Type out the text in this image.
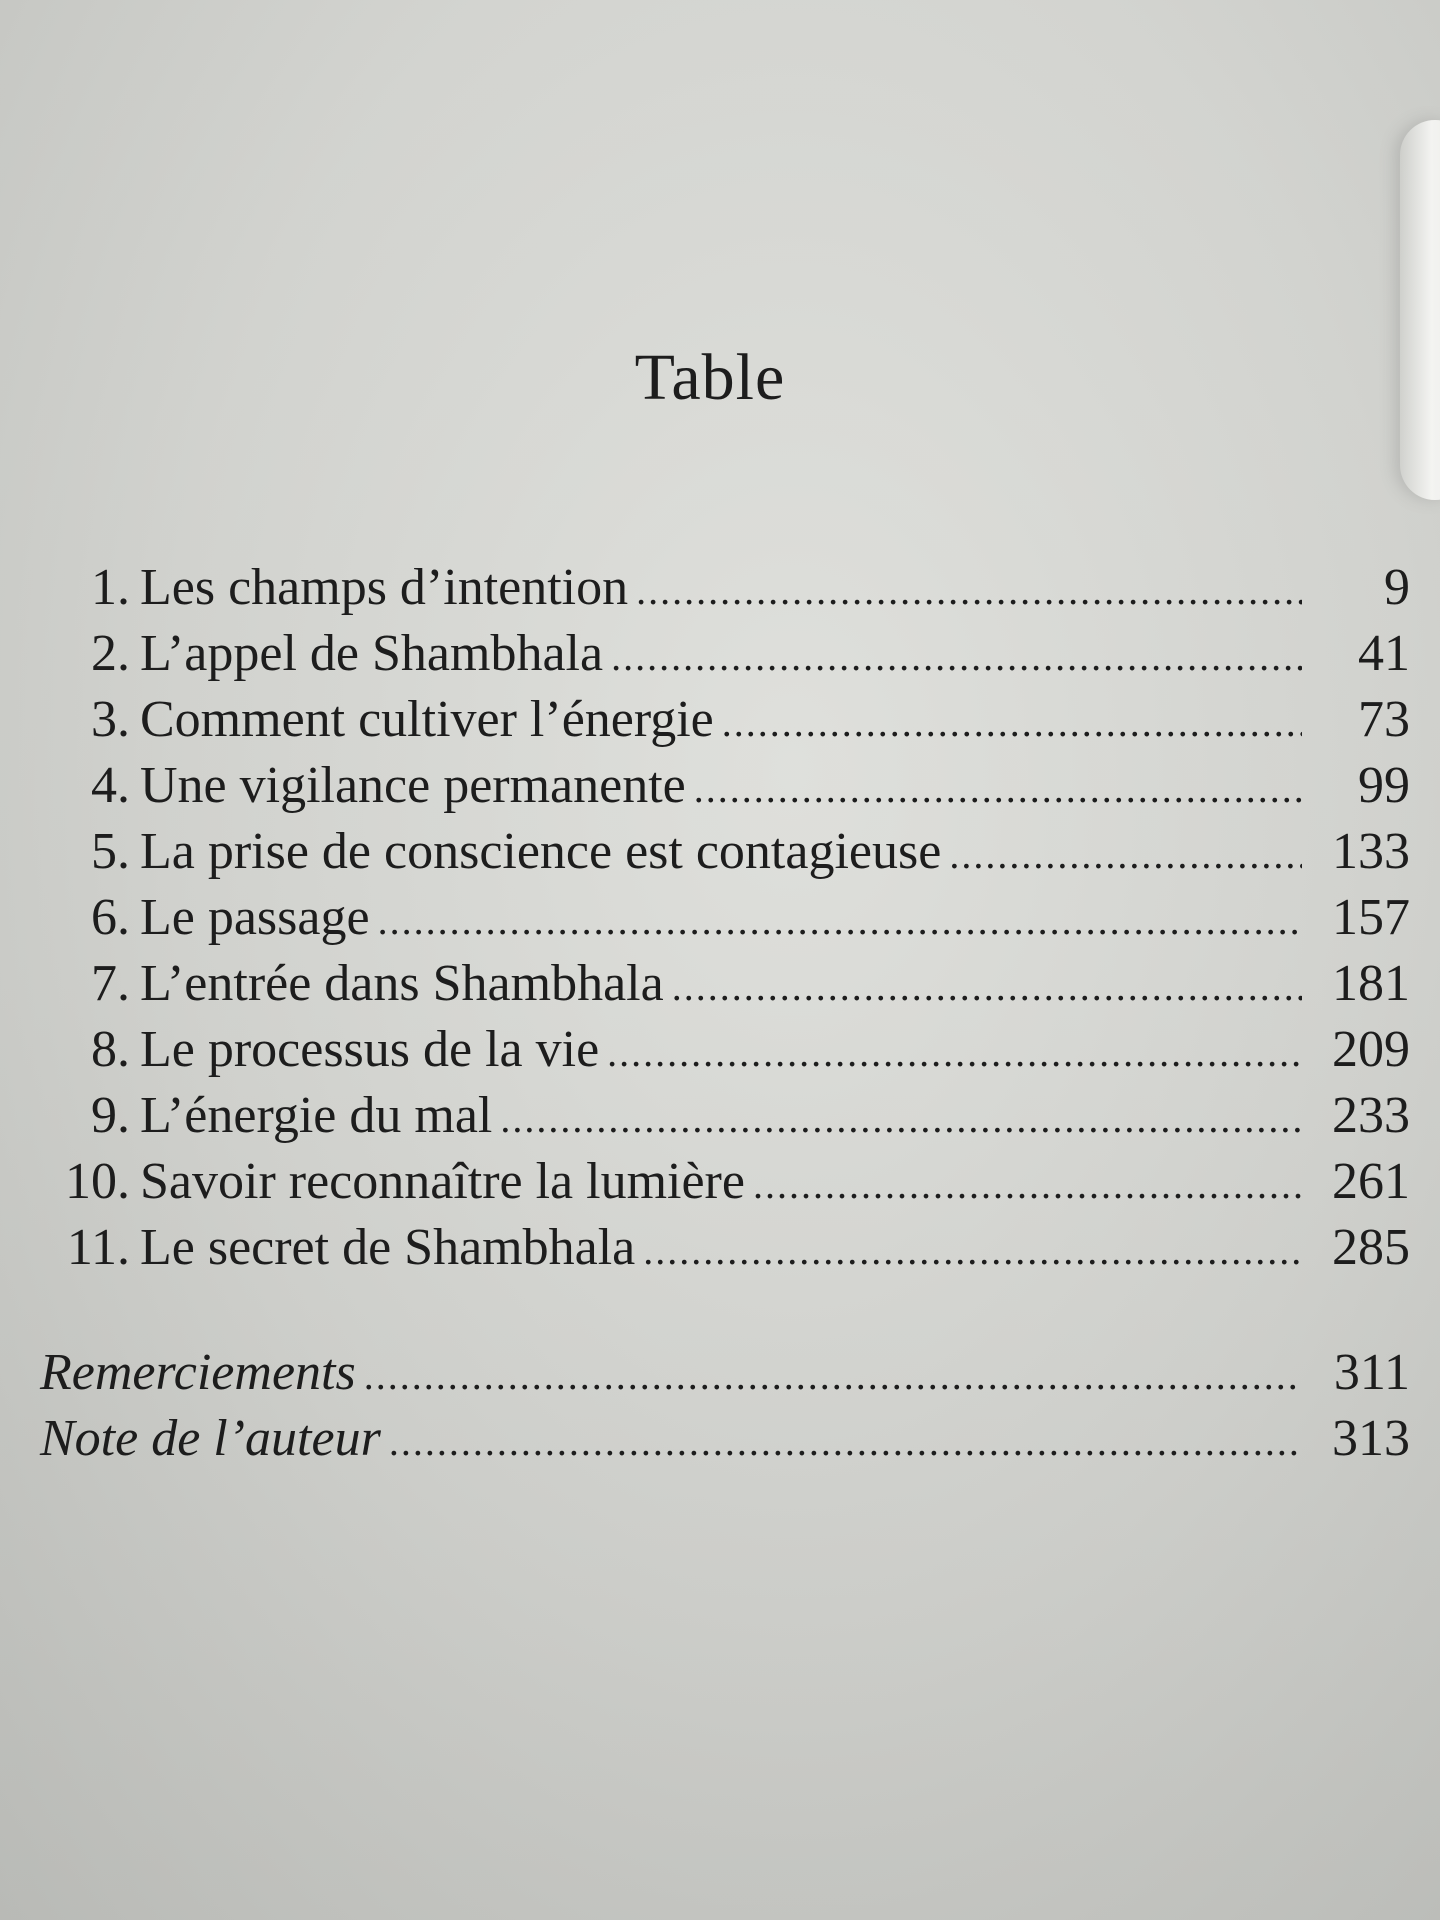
Table
1. Les champs d’intention .....	9
2. L’appel de Shambhala .....	41
3. Comment cultiver l’énergie .....	73
4. Une vigilance permanente .....	99
5. La prise de conscience est contagieuse .....	133
6. Le passage .....	157
7. L’entrée dans Shambhala .....	181
8. Le processus de la vie .....	209
9. L’énergie du mal .....	233
10. Savoir reconnaître la lumière .....	261
11. Le secret de Shambhala .....	285
Remerciements .....	311
Note de l’auteur .....	313
